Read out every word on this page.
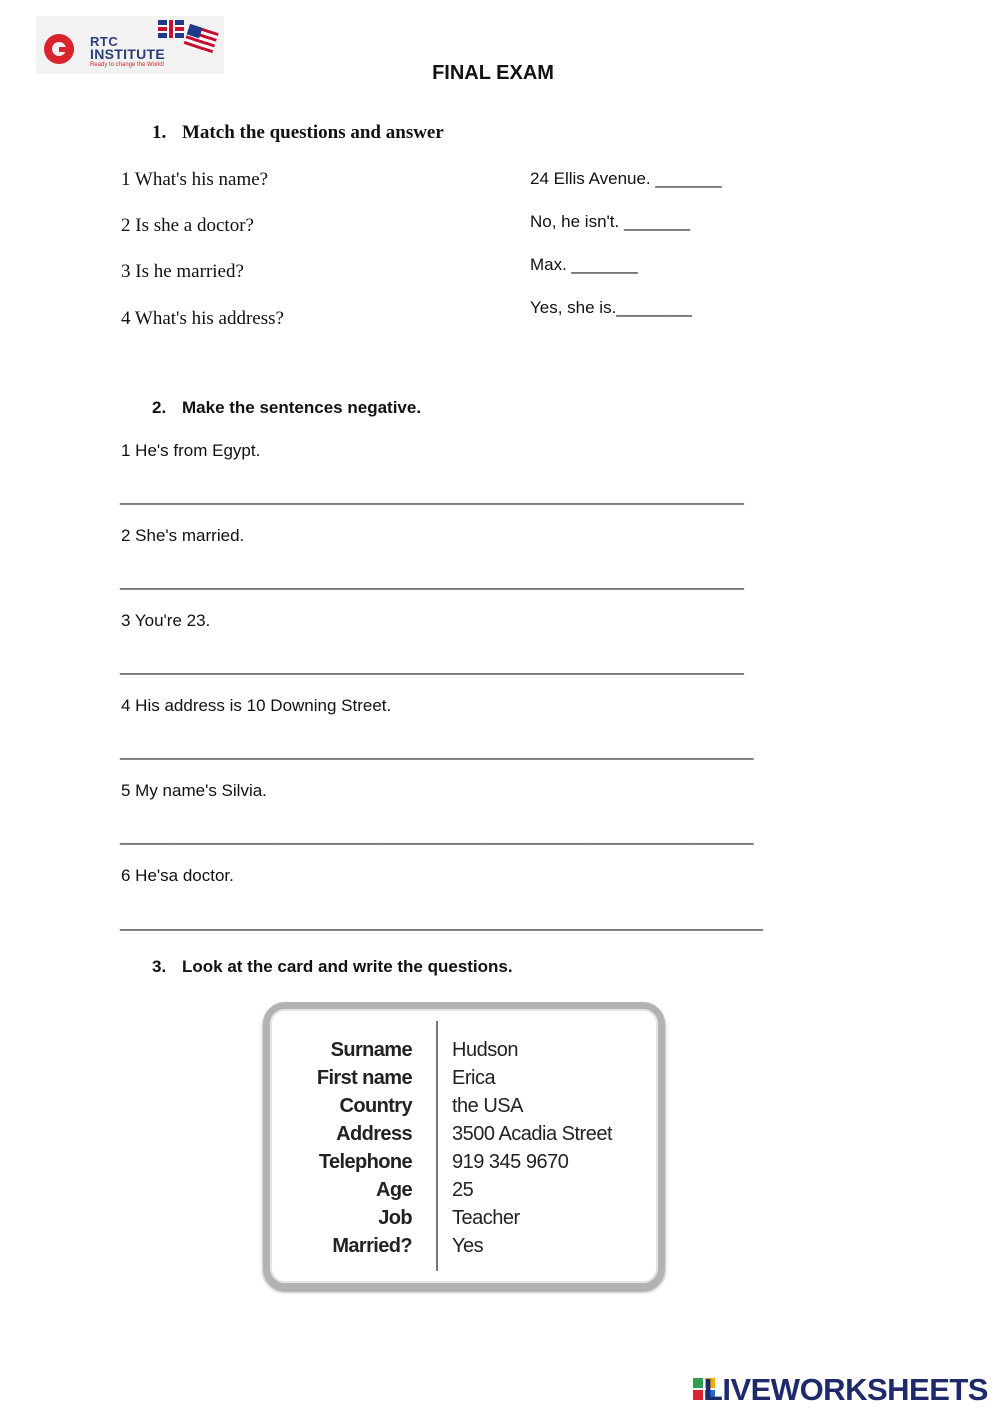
RTC
INSTITUTE
Ready to change the World!	FINAL EXAM
1. Match the questions and answer
1 What's his name?
2 Is she a doctor?
3 Is he married?
4 What's his address?
24 Ellis Avenue. _______
No, he isn't. _______
Max. _______
Yes, she is.________
2. Make the sentences negative.
1 He's from Egypt.
__________________________________________________________________
2 She's married.
__________________________________________________________________
3 You're 23.
__________________________________________________________________
4 His address is 10 Downing Street.
___________________________________________________________________
5 My name's Silvia.
___________________________________________________________________
6 He'sa doctor.
____________________________________________________________________
3. Look at the card and write the questions.
Surname Hudson
First name Erica
Country the USA
Address 3500 Acadia Street
Telephone 919 345 9670
Age 25
Job Teacher
Married? Yes
LIVEWORKSHEETS
